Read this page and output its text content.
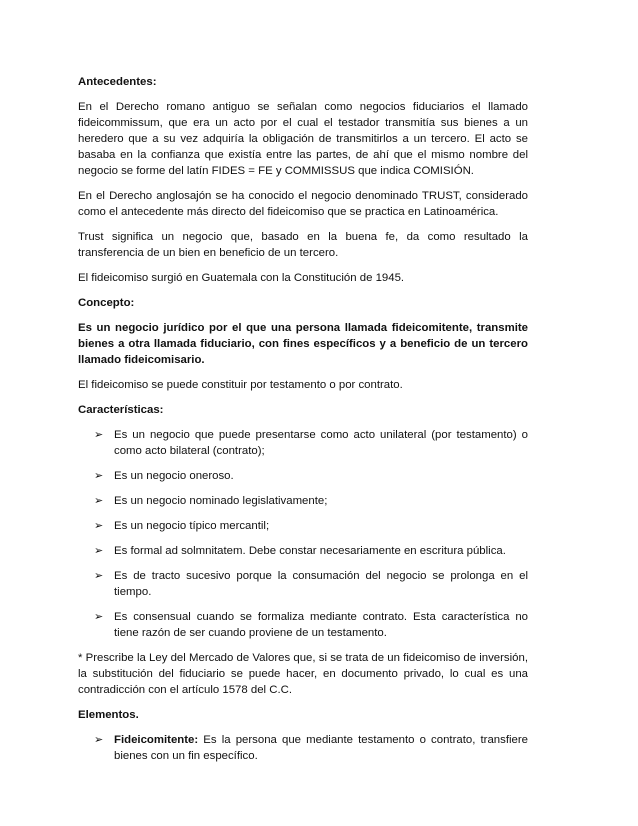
Antecedentes:

En el Derecho romano antiguo se señalan como negocios fiduciarios el llamado fideicommissum, que era un acto por el cual el testador transmitía sus bienes a un heredero que a su vez adquiría la obligación de transmitirlos a un tercero. El acto se basaba en la confianza que existía entre las partes, de ahí que el mismo nombre del negocio se forme del latín FIDES = FE y COMMISSUS que indica COMISIÓN.

En el Derecho anglosajón se ha conocido el negocio denominado TRUST, considerado como el antecedente más directo del fideicomiso que se practica en Latinoamérica.

Trust significa un negocio que, basado en la buena fe, da como resultado la transferencia de un bien en beneficio de un tercero.

El fideicomiso surgió en Guatemala con la Constitución de 1945.

Concepto:

Es un negocio jurídico por el que una persona llamada fideicomitente, transmite bienes a otra llamada fiduciario, con fines específicos y a beneficio de un tercero llamado fideicomisario.

El fideicomiso se puede constituir por testamento o por contrato.

Características:

➢ Es un negocio que puede presentarse como acto unilateral (por testamento) o como acto bilateral (contrato);
➢ Es un negocio oneroso.
➢ Es un negocio nominado legislativamente;
➢ Es un negocio típico mercantil;
➢ Es formal ad solmnitatem. Debe constar necesariamente en escritura pública.
➢ Es de tracto sucesivo porque la consumación del negocio se prolonga en el tiempo.
➢ Es consensual cuando se formaliza mediante contrato. Esta característica no tiene razón de ser cuando proviene de un testamento.

* Prescribe la Ley del Mercado de Valores que, si se trata de un fideicomiso de inversión, la substitución del fiduciario se puede hacer, en documento privado, lo cual es una contradicción con el artículo 1578 del C.C.

Elementos.

➢ Fideicomitente: Es la persona que mediante testamento o contrato, transfiere bienes con un fin específico.
